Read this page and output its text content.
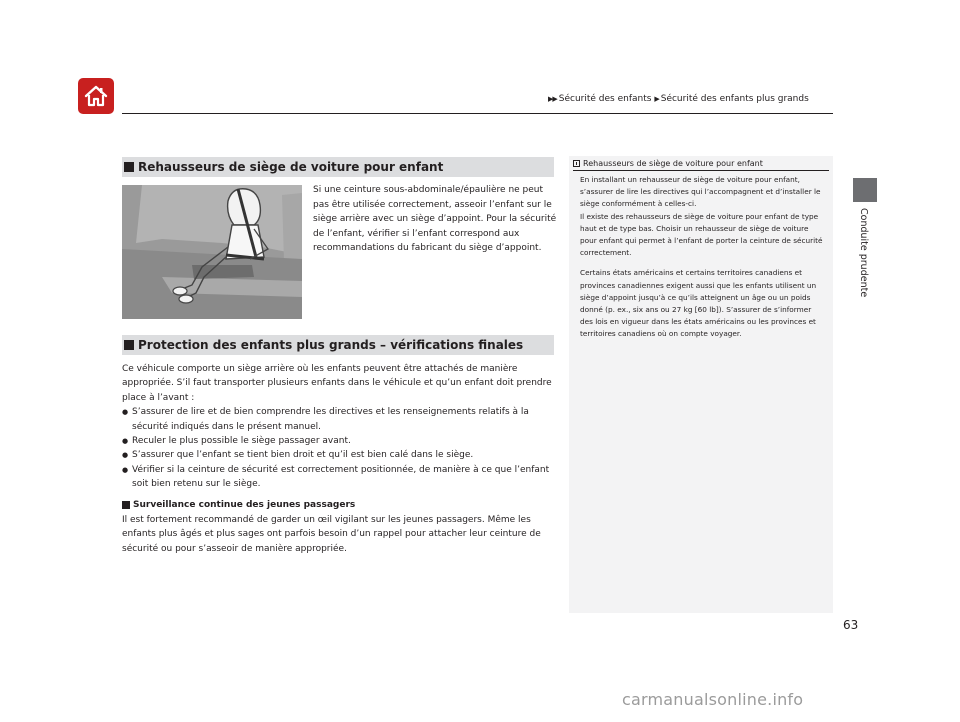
▶▶ Sécurité des enfants ▶ Sécurité des enfants plus grands
Conduite prudente
Rehausseurs de siège de voiture pour enfant

Si une ceinture sous-abdominale/épaulière ne peut pas être utilisée correctement, asseoir l’enfant sur le siège arrière avec un siège d’appoint. Pour la sécurité de l’enfant, vérifier si l’enfant correspond aux recommandations du fabricant du siège d’appoint.

Protection des enfants plus grands – vérifications finales

Ce véhicule comporte un siège arrière où les enfants peuvent être attachés de manière appropriée. S’il faut transporter plusieurs enfants dans le véhicule et qu’un enfant doit prendre place à l’avant :

● S’assurer de lire et de bien comprendre les directives et les renseignements relatifs à la sécurité indiqués dans le présent manuel.
● Reculer le plus possible le siège passager avant.
● S’assurer que l’enfant se tient bien droit et qu’il est bien calé dans le siège.
● Vérifier si la ceinture de sécurité est correctement positionnée, de manière à ce que l’enfant soit bien retenu sur le siège.
Surveillance continue des jeunes passagers

Il est fortement recommandé de garder un œil vigilant sur les jeunes passagers. Même les enfants plus âgés et plus sages ont parfois besoin d’un rappel pour attacher leur ceinture de sécurité ou pour s’asseoir de manière appropriée.

Rehausseurs de siège de voiture pour enfant

En installant un rehausseur de siège de voiture pour enfant, s’assurer de lire les directives qui l’accompagnent et d’installer le siège conformément à celles-ci.

Il existe des rehausseurs de siège de voiture pour enfant de type haut et de type bas. Choisir un rehausseur de siège de voiture pour enfant qui permet à l’enfant de porter la ceinture de sécurité correctement.

Certains états américains et certains territoires canadiens et provinces canadiennes exigent aussi que les enfants utilisent un siège d’appoint jusqu’à ce qu’ils atteignent un âge ou un poids donné (p. ex., six ans ou 27 kg [60 lb]). S’assurer de s’informer des lois en vigueur dans les états américains ou les provinces et territoires canadiens où on compte voyager.

63
carmanualsonline.info
